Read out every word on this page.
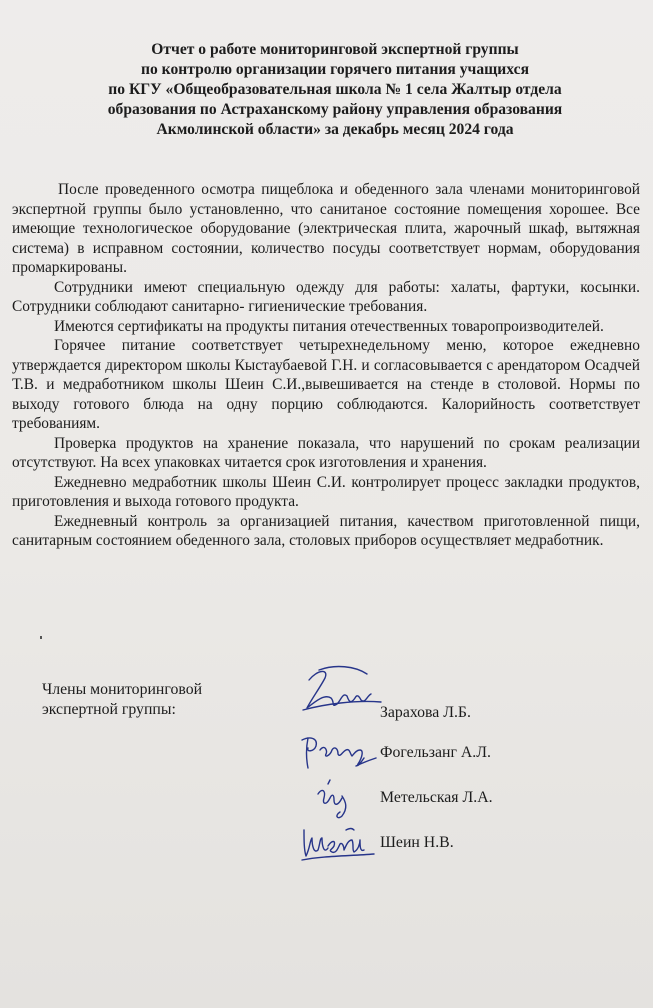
Отчет о работе мониторинговой экспертной группы
по контролю организации горячего питания учащихся
по КГУ «Общеобразовательная школа № 1 села Жалтыр отдела
образования по Астраханскому району управления образования
Акмолинской области» за декабрь месяц 2024 года

После проведенного осмотра пищеблока и обеденного зала членами мониторинговой экспертной группы было установленно, что санитаное состояние помещения хорошее. Все имеющие технологическое оборудование (электрическая плита, жарочный шкаф, вытяжная система) в исправном состоянии, количество посуды соответствует нормам, оборудования промаркированы.

Сотрудники имеют специальную одежду для работы: халаты, фартуки, косынки. Сотрудники соблюдают санитарно- гигиенические требования.

Имеются сертификаты на продукты питания отечественных товаропроизводителей.

Горячее питание соответствует четырехнедельному меню, которое ежедневно утверждается директором школы Кыстаубаевой Г.Н. и согласовывается с арендатором Осадчей Т.В. и медработником школы Шеин С.И.,вывешивается на стенде в столовой. Нормы по выходу готового блюда на одну порцию соблюдаются. Калорийность соответствует требованиям.

Проверка продуктов на хранение показала, что нарушений по срокам реализации отсутствуют. На всех упаковках читается срок изготовления и хранения.

Ежедневно медработник школы Шеин С.И. контролирует процесс закладки продуктов, приготовления и выхода готового продукта.

Ежедневный контроль за организацией питания, качеством приготовленной пищи, санитарным состоянием обеденного зала, столовых приборов осуществляет медработник.

Члены мониторинговой
экспертной группы:	Зарахова Л.Б.
Фогельзанг А.Л.
Метельская Л.А.
Шеин Н.В.
